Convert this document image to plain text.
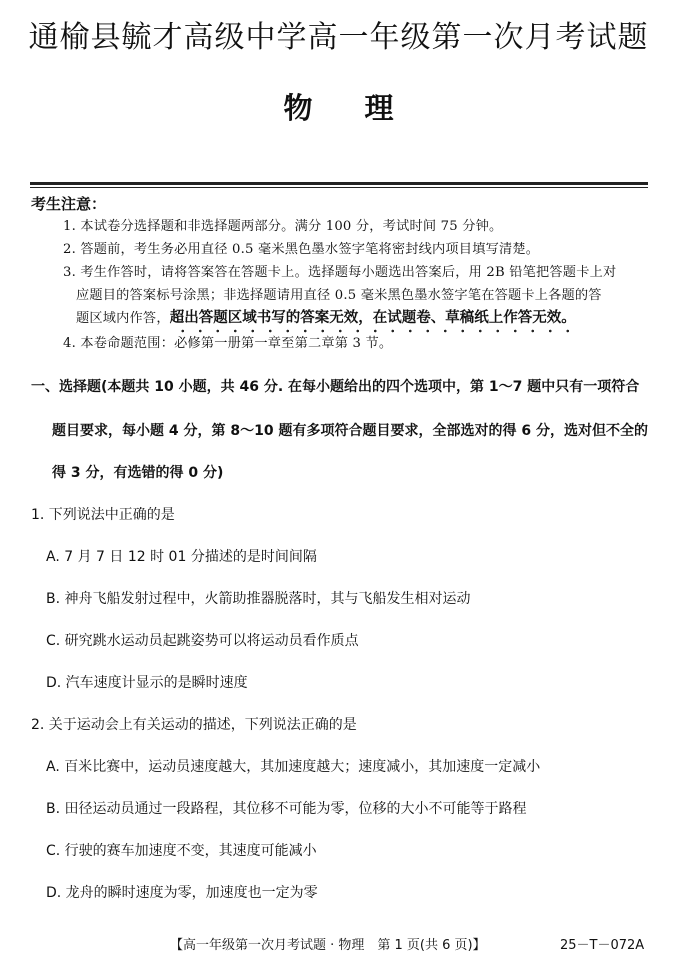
通榆县毓才高级中学高一年级第一次月考试题
物理
考生注意：
1. 本试卷分选择题和非选择题两部分。满分 100 分，考试时间 75 分钟。
2. 答题前，考生务必用直径 0.5 毫米黑色墨水签字笔将密封线内项目填写清楚。
3. 考生作答时，请将答案答在答题卡上。选择题每小题选出答案后，用 2B 铅笔把答题卡上对
应题目的答案标号涂黑；非选择题请用直径 0.5 毫米黑色墨水签字笔在答题卡上各题的答
题区域内作答，超出答题区域书写的答案无效，在试题卷、草稿纸上作答无效。
4. 本卷命题范围：必修第一册第一章至第二章第 3 节。
一、选择题(本题共 10 小题，共 46 分. 在每小题给出的四个选项中，第 1～7 题中只有一项符合
题目要求，每小题 4 分，第 8～10 题有多项符合题目要求，全部选对的得 6 分，选对但不全的
得 3 分，有选错的得 0 分)
1. 下列说法中正确的是
A. 7 月 7 日 12 时 01 分描述的是时间间隔
B. 神舟飞船发射过程中，火箭助推器脱落时，其与飞船发生相对运动
C. 研究跳水运动员起跳姿势可以将运动员看作质点
D. 汽车速度计显示的是瞬时速度
2. 关于运动会上有关运动的描述，下列说法正确的是
A. 百米比赛中，运动员速度越大，其加速度越大；速度减小，其加速度一定减小
B. 田径运动员通过一段路程，其位移不可能为零，位移的大小不可能等于路程
C. 行驶的赛车加速度不变，其速度可能减小
D. 龙舟的瞬时速度为零，加速度也一定为零
【高一年级第一次月考试题 · 物理　第 1 页(共 6 页)】	25－T－072A
